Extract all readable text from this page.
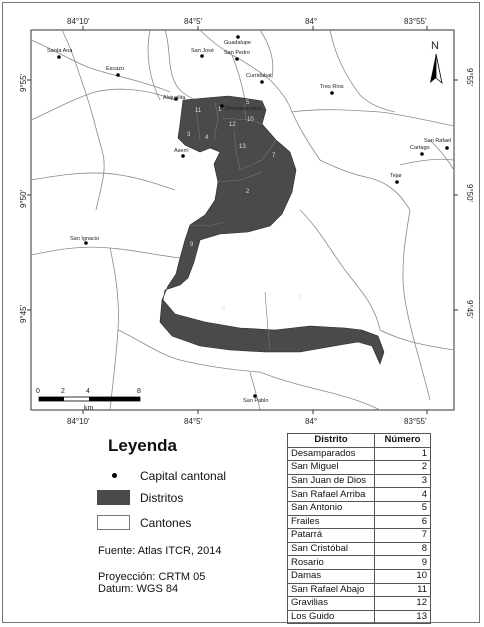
84°10'	84°5'	84°	83°55'
84°10'	84°5'	84°	83°55'
9°55'
9°50'
9°45'
9°55'
9°50'
9°45'
1
2
3 4
5
6
7
8
9
10
11
12
13
Santa Ana
Escazú
Guadalupe
San José San Pedro
Curridabat
Tres Ríos
Alajuelita
Desamparados
San Rafael
Cartago
Aserrí
Tejar
San Ignacio
San Pablo
N
0	2	4	8
km
Leyenda
Capital cantonal
Distritos
Cantones
Fuente: Atlas ITCR, 2014
Proyección: CRTM 05
Datum: WGS 84
Distrito	Número
Desamparados	1
San Miguel	2
San Juan de Dios	3
San Rafael Arriba	4
San Antonio	5
Frailes	6
Patarrá	7
San Cristóbal	8
Rosario	9
Damas	10
San Rafael Abajo	11
Gravilias	12
Los Guido	13
